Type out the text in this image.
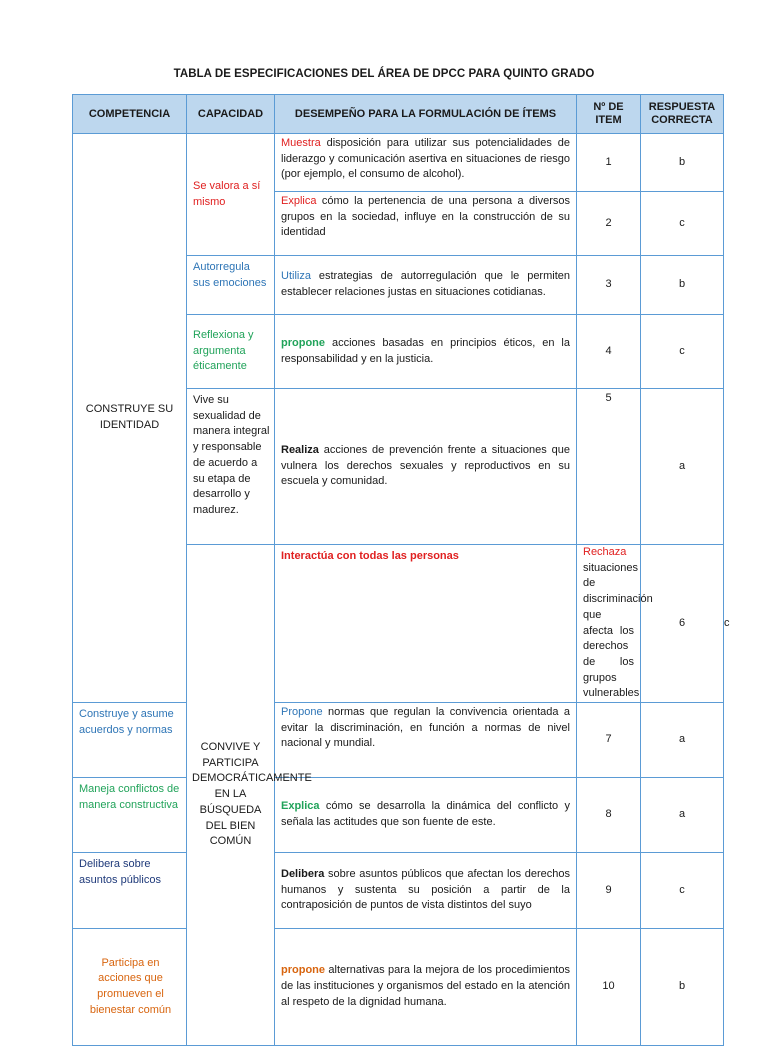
TABLA DE ESPECIFICACIONES DEL ÁREA DE DPCC PARA QUINTO GRADO
COMPETENCIA	CAPACIDAD	DESEMPEÑO PARA LA FORMULACIÓN DE ÍTEMS	Nº DE ITEM	RESPUESTA CORRECTA	
CONSTRUYE SU IDENTIDAD	Se valora a sí mismo	Muestra disposición para utilizar sus potencialidades de liderazgo y comunicación asertiva en situaciones de riesgo (por ejemplo, el consumo de alcohol).	1	b	
		Explica cómo la pertenencia de una persona a diversos grupos en la sociedad, influye en la construcción de su identidad	2	c	
	Autorregula sus emociones	Utiliza estrategias de autorregulación que le permiten establecer relaciones justas en situaciones cotidianas.	3	b	
	Reflexiona y argumenta éticamente	propone acciones basadas en principios éticos, en la responsabilidad y en la justicia.	4	c	
	Vive su sexualidad de manera integral y responsable de acuerdo a su etapa de desarrollo y madurez.	Realiza acciones de prevención frente a situaciones que vulnera los derechos sexuales y reproductivos en su escuela y comunidad.	5	a	
	CONVIVE Y PARTICIPA DEMOCRÁTICAMENTE EN LA BÚSQUEDA DEL BIEN COMÚN	Interactúa con todas las personas	Rechaza situaciones de discriminación que afecta los derechos de los grupos vulnerables	6	c
Construye y asume acuerdos y normas		Propone normas que regulan la convivencia orientada a evitar la discriminación, en función a normas de nivel nacional y mundial.	7	a	
Maneja conflictos de manera constructiva		Explica cómo se desarrolla la dinámica del conflicto y señala las actitudes que son fuente de este.	8	a	
Delibera sobre asuntos públicos		Delibera sobre asuntos públicos que afectan los derechos humanos y sustenta su posición a partir de la contraposición de puntos de vista distintos del suyo	9	c	
Participa en acciones que promueven el bienestar común		propone alternativas para la mejora de los procedimientos de las instituciones y organismos del estado en la atención al respeto de la dignidad humana.	10	b	
